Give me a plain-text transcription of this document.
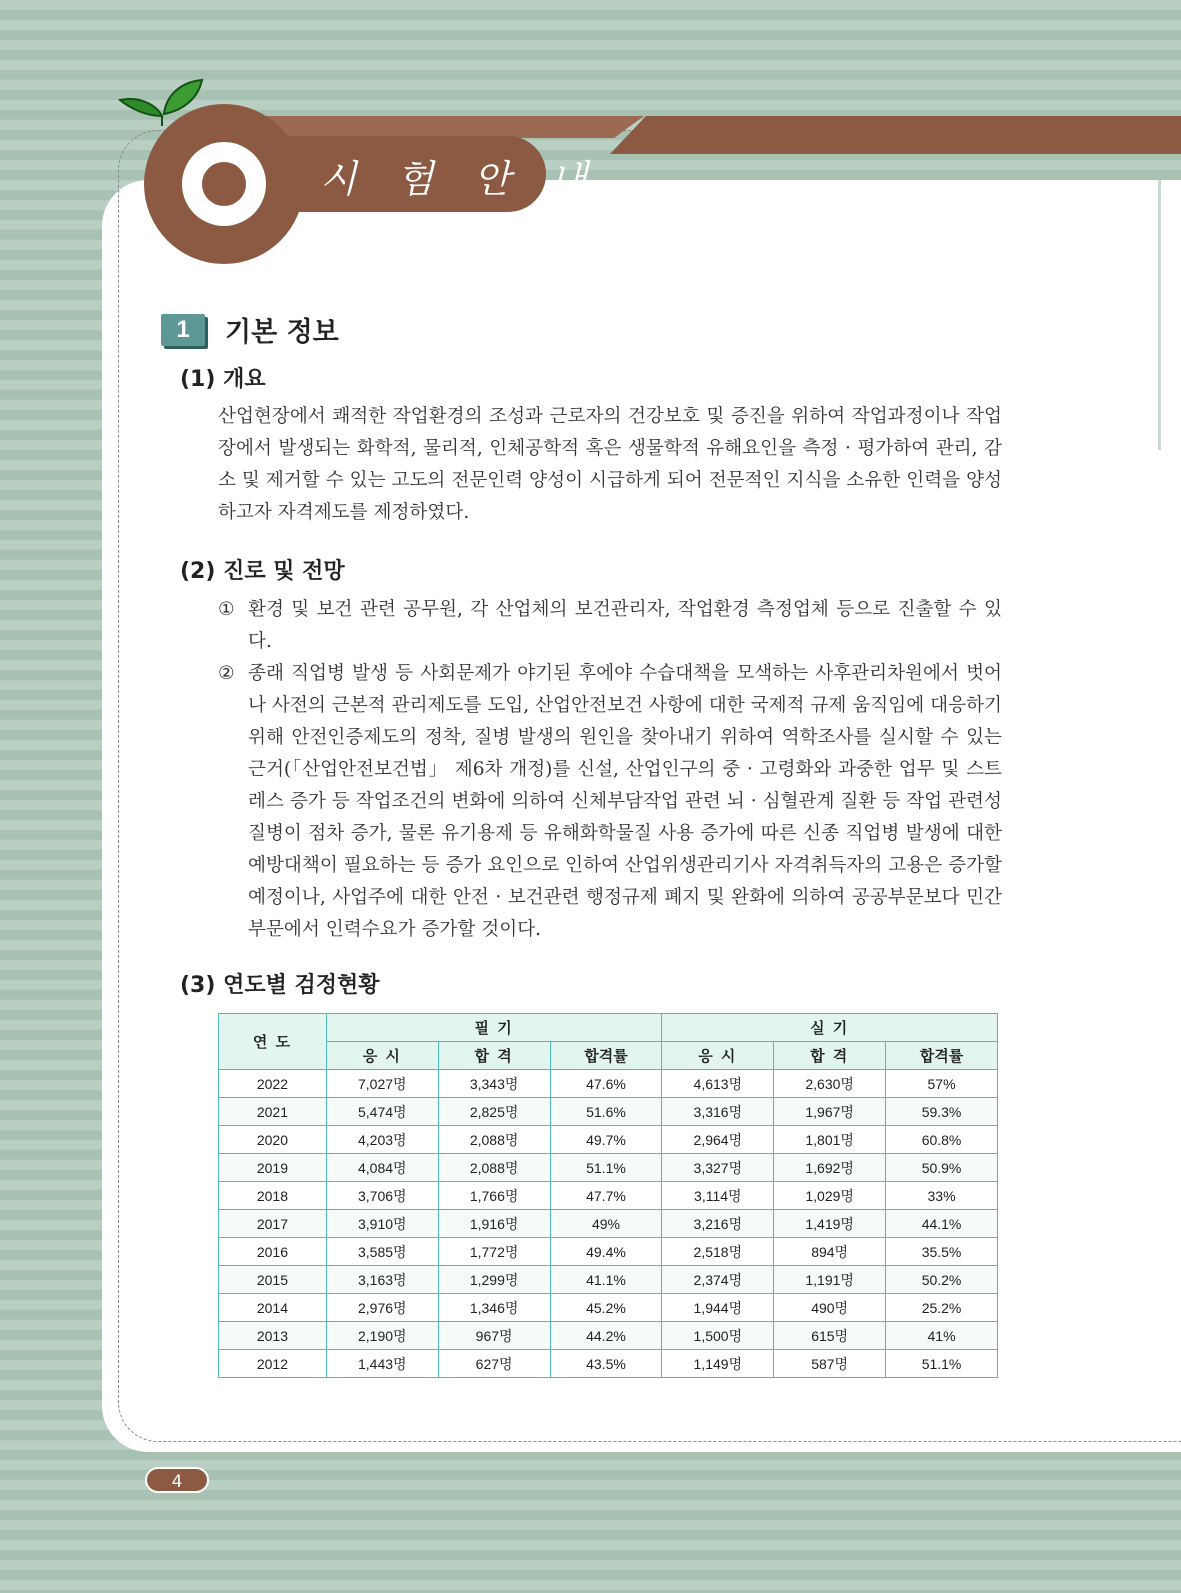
시 험 안 내
1	기본 정보
(1) 개요

산업현장에서 쾌적한 작업환경의 조성과 근로자의 건강보호 및 증진을 위하여 작업과정이나 작업장에서 발생되는 화학적, 물리적, 인체공학적 혹은 생물학적 유해요인을 측정 · 평가하여 관리, 감소 및 제거할 수 있는 고도의 전문인력 양성이 시급하게 되어 전문적인 지식을 소유한 인력을 양성하고자 자격제도를 제정하였다.

(2) 진로 및 전망
① 환경 및 보건 관련 공무원, 각 산업체의 보건관리자, 작업환경 측정업체 등으로 진출할 수 있다.
② 종래 직업병 발생 등 사회문제가 야기된 후에야 수습대책을 모색하는 사후관리차원에서 벗어나 사전의 근본적 관리제도를 도입, 산업안전보건 사항에 대한 국제적 규제 움직임에 대응하기 위해 안전인증제도의 정착, 질병 발생의 원인을 찾아내기 위하여 역학조사를 실시할 수 있는 근거(「산업안전보건법」 제6차 개정)를 신설, 산업인구의 중 · 고령화와 과중한 업무 및 스트레스 증가 등 작업조건의 변화에 의하여 신체부담작업 관련 뇌 · 심혈관계 질환 등 작업 관련성 질병이 점차 증가, 물론 유기용제 등 유해화학물질 사용 증가에 따른 신종 직업병 발생에 대한 예방대책이 필요하는 등 증가 요인으로 인하여 산업위생관리기사 자격취득자의 고용은 증가할 예정이나, 사업주에 대한 안전 · 보건관련 행정규제 폐지 및 완화에 의하여 공공부문보다 민간부문에서 인력수요가 증가할 것이다.
(3) 연도별 검정현황
연 도	필 기			실 기		
	응 시	합 격	합격률	응 시	합 격	합격률
2022	7,027명	3,343명	47.6%	4,613명	2,630명	57%
2021	5,474명	2,825명	51.6%	3,316명	1,967명	59.3%
2020	4,203명	2,088명	49.7%	2,964명	1,801명	60.8%
2019	4,084명	2,088명	51.1%	3,327명	1,692명	50.9%
2018	3,706명	1,766명	47.7%	3,114명	1,029명	33%
2017	3,910명	1,916명	49%	3,216명	1,419명	44.1%
2016	3,585명	1,772명	49.4%	2,518명	894명	35.5%
2015	3,163명	1,299명	41.1%	2,374명	1,191명	50.2%
2014	2,976명	1,346명	45.2%	1,944명	490명	25.2%
2013	2,190명	967명	44.2%	1,500명	615명	41%
2012	1,443명	627명	43.5%	1,149명	587명	51.1%
4
